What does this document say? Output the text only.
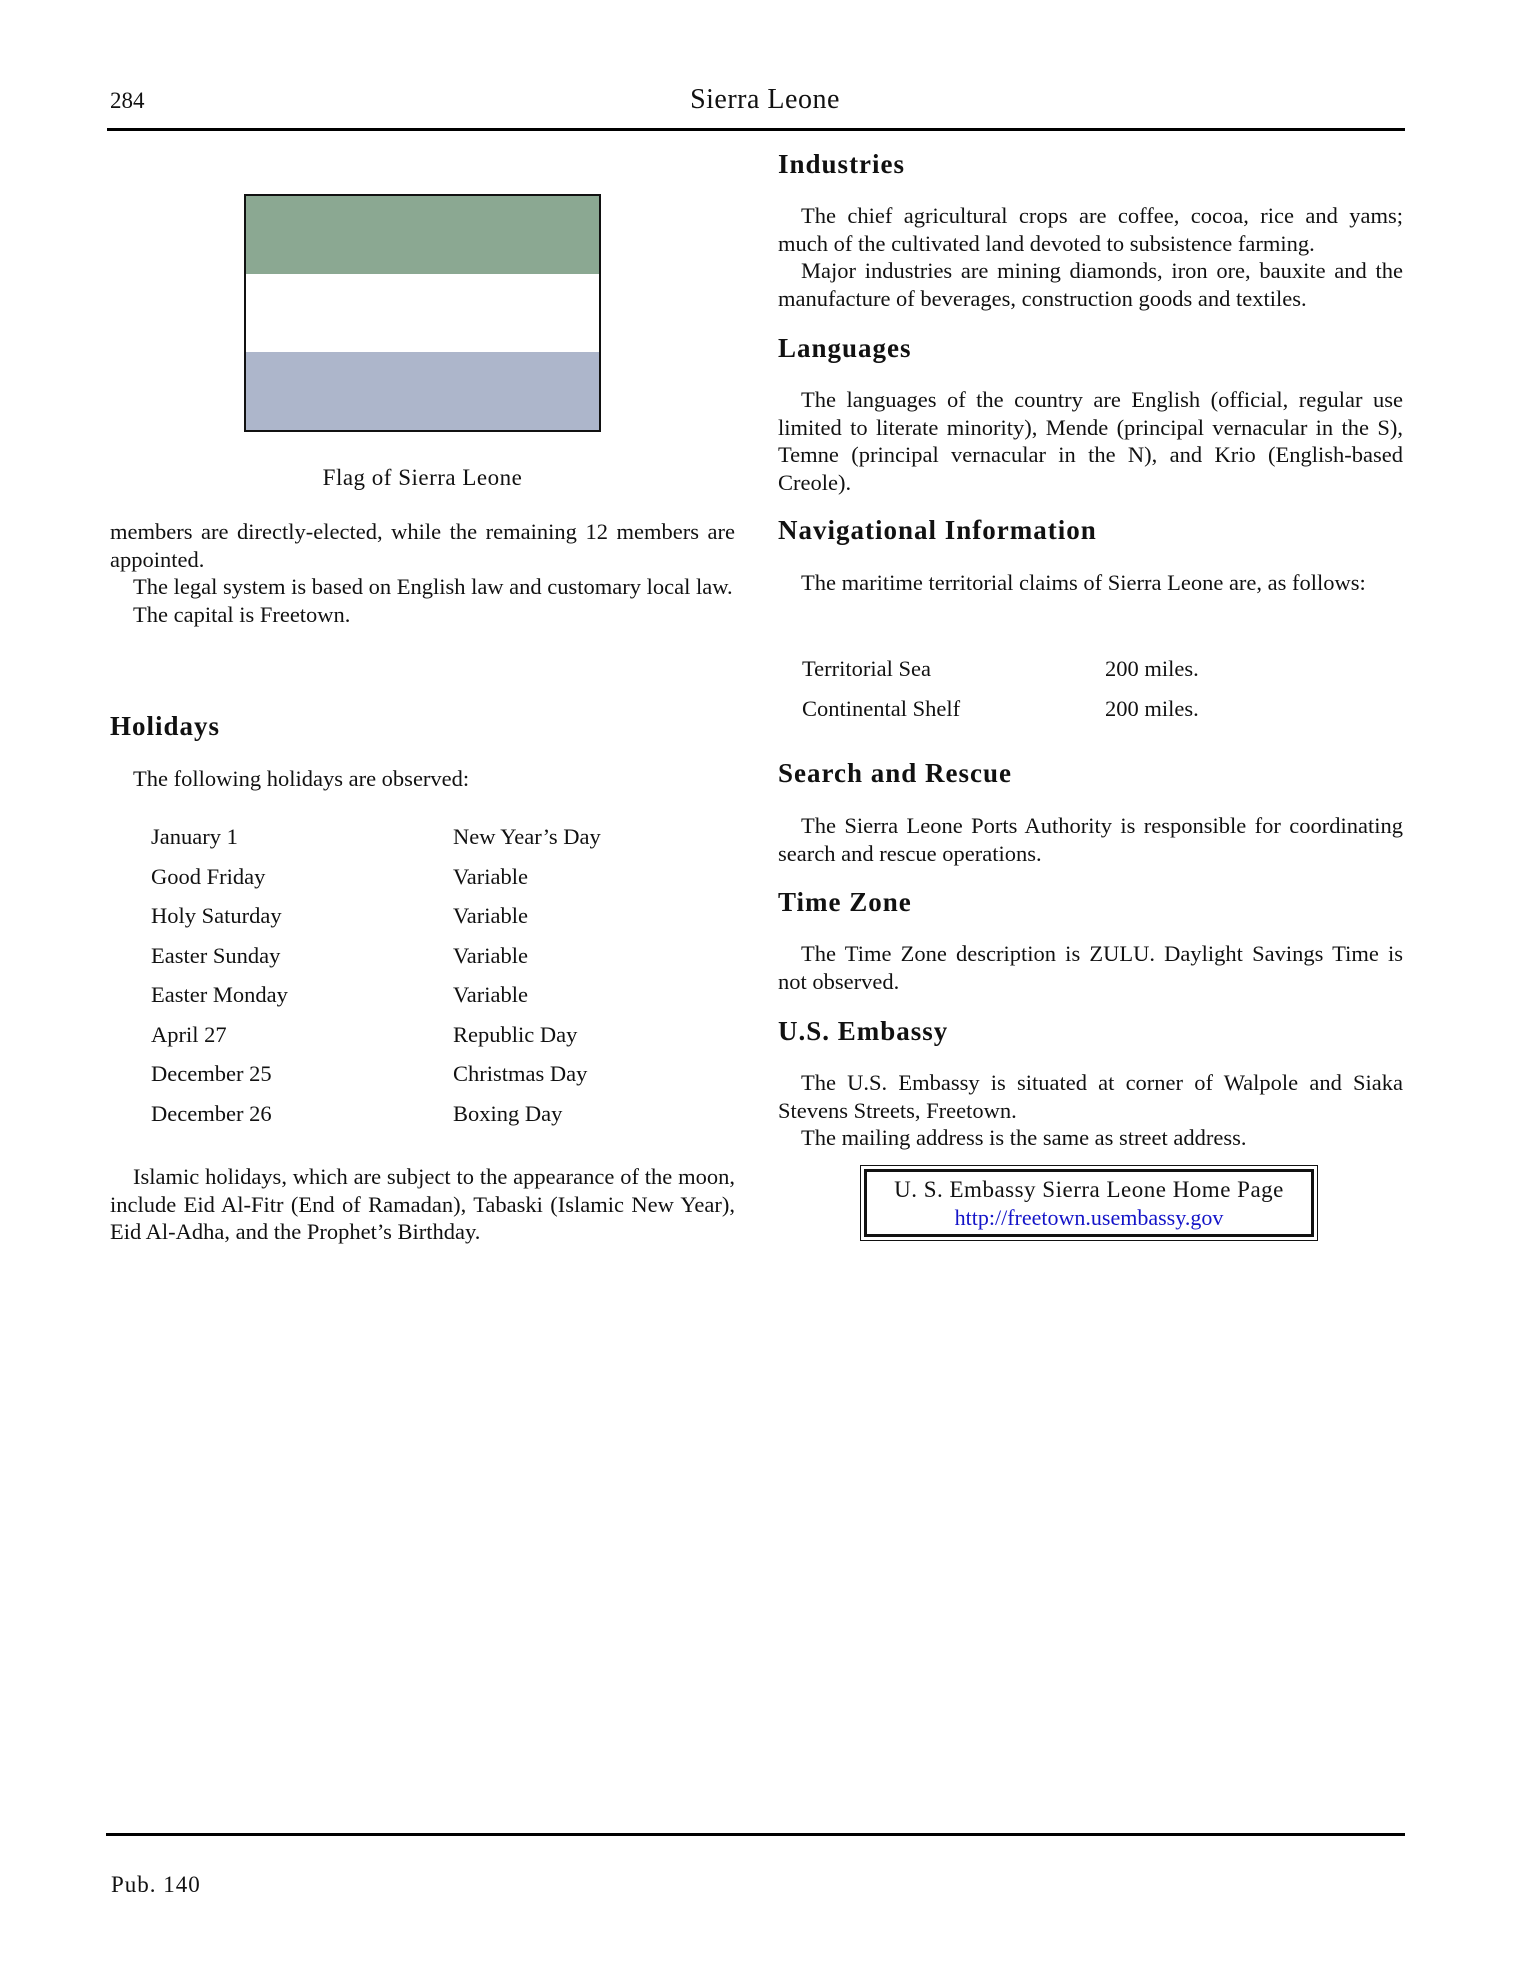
284	Sierra Leone
Flag of Sierra Leone

members are directly-elected, while the remaining 12 members are appointed.

The legal system is based on English law and customary local law.

The capital is Freetown.

Holidays

The following holidays are observed:

January 1	New Year’s Day
Good Friday	Variable
Holy Saturday	Variable
Easter Sunday	Variable
Easter Monday	Variable
April 27	Republic Day
December 25	Christmas Day
December 26	Boxing Day

Islamic holidays, which are subject to the appearance of the moon, include Eid Al-Fitr (End of Ramadan), Tabaski (Islamic New Year), Eid Al-Adha, and the Prophet’s Birthday.

Industries

The chief agricultural crops are coffee, cocoa, rice and yams; much of the cultivated land devoted to subsistence farming.

Major industries are mining diamonds, iron ore, bauxite and the manufacture of beverages, construction goods and textiles.

Languages

The languages of the country are English (official, regular use limited to literate minority), Mende (principal vernacular in the S), Temne (principal vernacular in the N), and Krio (English-based Creole).

Navigational Information

The maritime territorial claims of Sierra Leone are, as follows:

Territorial Sea	200 miles.
Continental Shelf	200 miles.
Search and Rescue

The Sierra Leone Ports Authority is responsible for coordinating search and rescue operations.

Time Zone

The Time Zone description is ZULU. Daylight Savings Time is not observed.

U.S. Embassy

The U.S. Embassy is situated at corner of Walpole and Siaka Stevens Streets, Freetown.

The mailing address is the same as street address.

U. S. Embassy Sierra Leone Home Page
http://freetown.usembassy.gov
Pub. 140
